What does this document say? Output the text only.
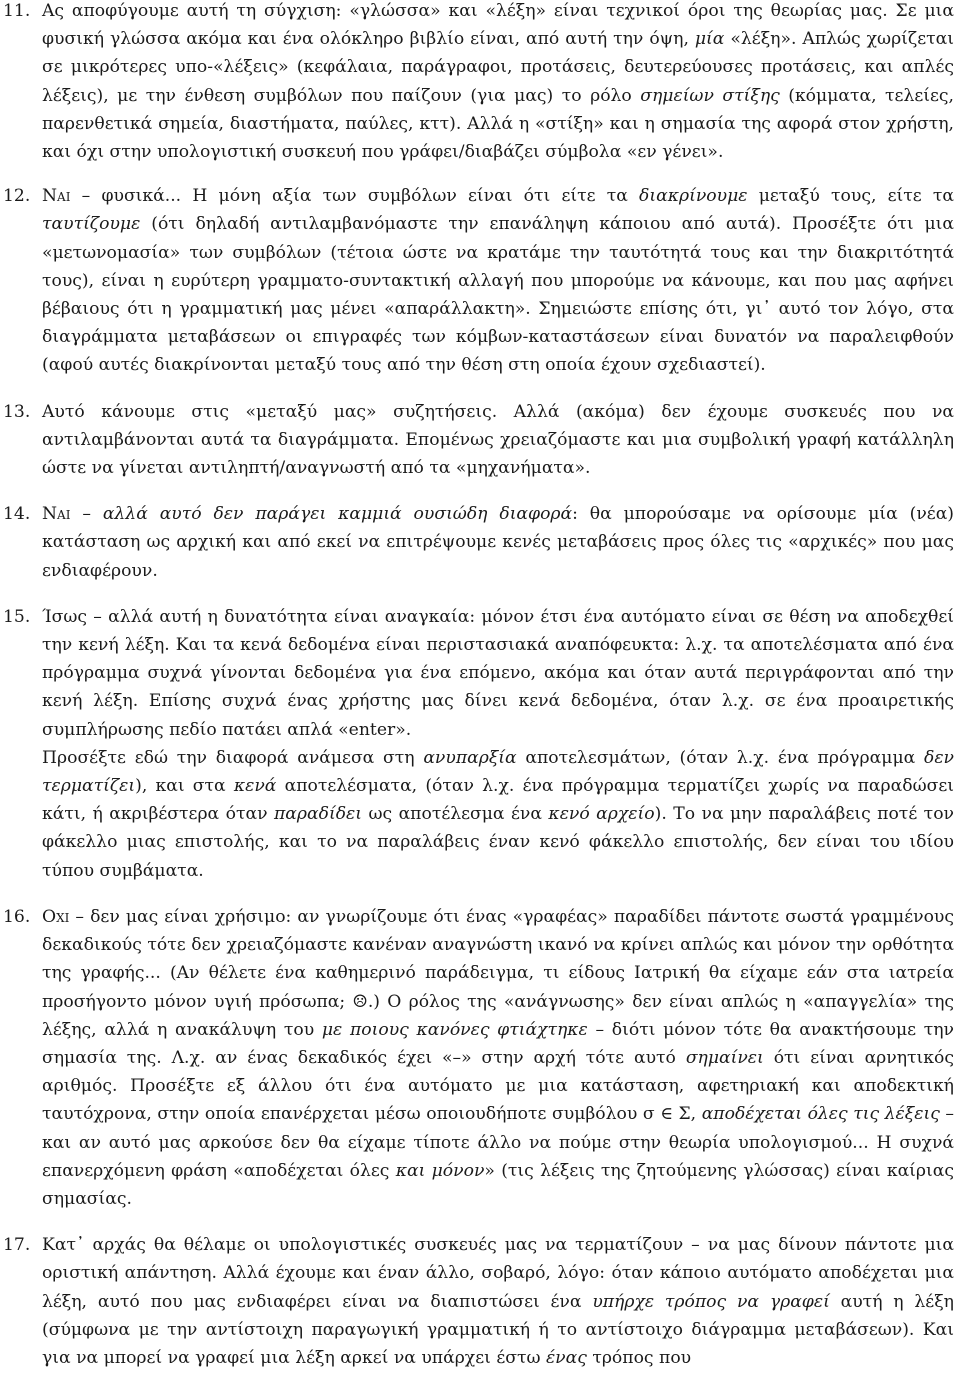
11. Ας αποφύγουμε αυτή τη σύγχιση: «γλώσσα» και «λέξη» είναι τεχνικοί όροι της θεωρίας μας. Σε μια φυσική γλώσσα ακόμα και ένα ολόκληρο βιβλίο είναι, από αυτή την όψη, μία «λέξη». Απλώς χωρίζεται σε μικρότερες υπο-«λέξεις» (κεφάλαια, παράγραφοι, προτάσεις, δευτερεύουσες προτάσεις, και απλές λέξεις), με την ένθεση συμβόλων που παίζουν (για μας) το ρόλο σημείων στίξης (κόμματα, τελείες, παρενθετικά σημεία, διαστήματα, παύλες, κττ). Αλλά η «στίξη» και η σημασία της αφορά στον χρήστη, και όχι στην υπολογιστική συσκευή που γράφει/διαβάζει σύμβολα «εν γένει».
12. Ναι – φυσικά... Η μόνη αξία των συμβόλων είναι ότι είτε τα διακρίνουμε μεταξύ τους, είτε τα ταυτίζουμε (ότι δηλαδή αντιλαμβανόμαστε την επανάληψη κάποιου από αυτά). Προσέξτε ότι μια «μετωνομασία» των συμβόλων (τέτοια ώστε να κρατάμε την ταυτότητά τους και την διακριτότητά τους), είναι η ευρύτερη γραμματο-συντακτική αλλαγή που μπορούμε να κάνουμε, και που μας αφήνει βέβαιους ότι η γραμματική μας μένει «απαράλλακτη». Σημειώστε επίσης ότι, γι᾽ αυτό τον λόγο, στα διαγράμματα μεταβάσεων οι επιγραφές των κόμβων-καταστάσεων είναι δυνατόν να παραλειφθούν (αφού αυτές διακρίνονται μεταξύ τους από την θέση στη οποία έχουν σχεδιαστεί).
13. Αυτό κάνουμε στις «μεταξύ μας» συζητήσεις. Αλλά (ακόμα) δεν έχουμε συσκευές που να αντιλαμβάνονται αυτά τα διαγράμματα. Επομένως χρειαζόμαστε και μια συμβολική γραφή κατάλληλη ώστε να γίνεται αντιληπτή/αναγνωστή από τα «μηχανήματα».
14. Ναι – αλλά αυτό δεν παράγει καμμιά ουσιώδη διαφορά: θα μπορούσαμε να ορίσουμε μία (νέα) κατάσταση ως αρχική και από εκεί να επιτρέψουμε κενές μεταβάσεις προς όλες τις «αρχικές» που μας ενδιαφέρουν.
15. Ίσως – αλλά αυτή η δυνατότητα είναι αναγκαία: μόνον έτσι ένα αυτόματο είναι σε θέση να αποδεχθεί την κενή λέξη. Και τα κενά δεδομένα είναι περιστασιακά αναπόφευκτα: λ.χ. τα αποτελέσματα από ένα πρόγραμμα συχνά γίνονται δεδομένα για ένα επόμενο, ακόμα και όταν αυτά περιγράφονται από την κενή λέξη. Επίσης συχνά ένας χρήστης μας δίνει κενά δεδομένα, όταν λ.χ. σε ένα προαιρετικής συμπλήρωσης πεδίο πατάει απλά «enter».
Προσέξτε εδώ την διαφορά ανάμεσα στη ανυπαρξία αποτελεσμάτων, (όταν λ.χ. ένα πρόγραμμα δεν τερματίζει), και στα κενά αποτελέσματα, (όταν λ.χ. ένα πρόγραμμα τερματίζει χωρίς να παραδώσει κάτι, ή ακριβέστερα όταν παραδίδει ως αποτέλεσμα ένα κενό αρχείο). Το να μην παραλάβεις ποτέ τον φάκελλο μιας επιστολής, και το να παραλάβεις έναν κενό φάκελλο επιστολής, δεν είναι του ιδίου τύπου συμβάματα.
16. Οχι – δεν μας είναι χρήσιμο: αν γνωρίζουμε ότι ένας «γραφέας» παραδίδει πάντοτε σωστά γραμμένους δεκαδικούς τότε δεν χρειαζόμαστε κανέναν αναγνώστη ικανό να κρίνει απλώς και μόνον την ορθότητα της γραφής... (Αν θέλετε ένα καθημερινό παράδειγμα, τι είδους Ιατρική θα είχαμε εάν στα ιατρεία προσήγοντο μόνον υγιή πρόσωπα; ☹.) Ο ρόλος της «ανάγνωσης» δεν είναι απλώς η «απαγγελία» της λέξης, αλλά η ανακάλυψη του με ποιους κανόνες φτιάχτηκε – διότι μόνον τότε θα ανακτήσουμε την σημασία της. Λ.χ. αν ένας δεκαδικός έχει «–» στην αρχή τότε αυτό σημαίνει ότι είναι αρνητικός αριθμός. Προσέξτε εξ άλλου ότι ένα αυτόματο με μια κατάσταση, αφετηριακή και αποδεκτική ταυτόχρονα, στην οποία επανέρχεται μέσω οποιουδήποτε συμβόλου σ ∈ Σ, αποδέχεται όλες τις λέξεις – και αν αυτό μας αρκούσε δεν θα είχαμε τίποτε άλλο να πούμε στην θεωρία υπολογισμού... Η συχνά επανερχόμενη φράση «αποδέχεται όλες και μόνον» (τις λέξεις της ζητούμενης γλώσσας) είναι καίριας σημασίας.
17. Κατ᾽ αρχάς θα θέλαμε οι υπολογιστικές συσκευές μας να τερματίζουν – να μας δίνουν πάντοτε μια οριστική απάντηση. Αλλά έχουμε και έναν άλλο, σοβαρό, λόγο: όταν κάποιο αυτόματο αποδέχεται μια λέξη, αυτό που μας ενδιαφέρει είναι να διαπιστώσει ένα υπήρχε τρόπος να γραφεί αυτή η λέξη (σύμφωνα με την αντίστοιχη παραγωγική γραμματική ή το αντίστοιχο διάγραμμα μεταβάσεων). Και για να μπορεί να γραφεί μια λέξη αρκεί να υπάρχει έστω ένας τρόπος που
